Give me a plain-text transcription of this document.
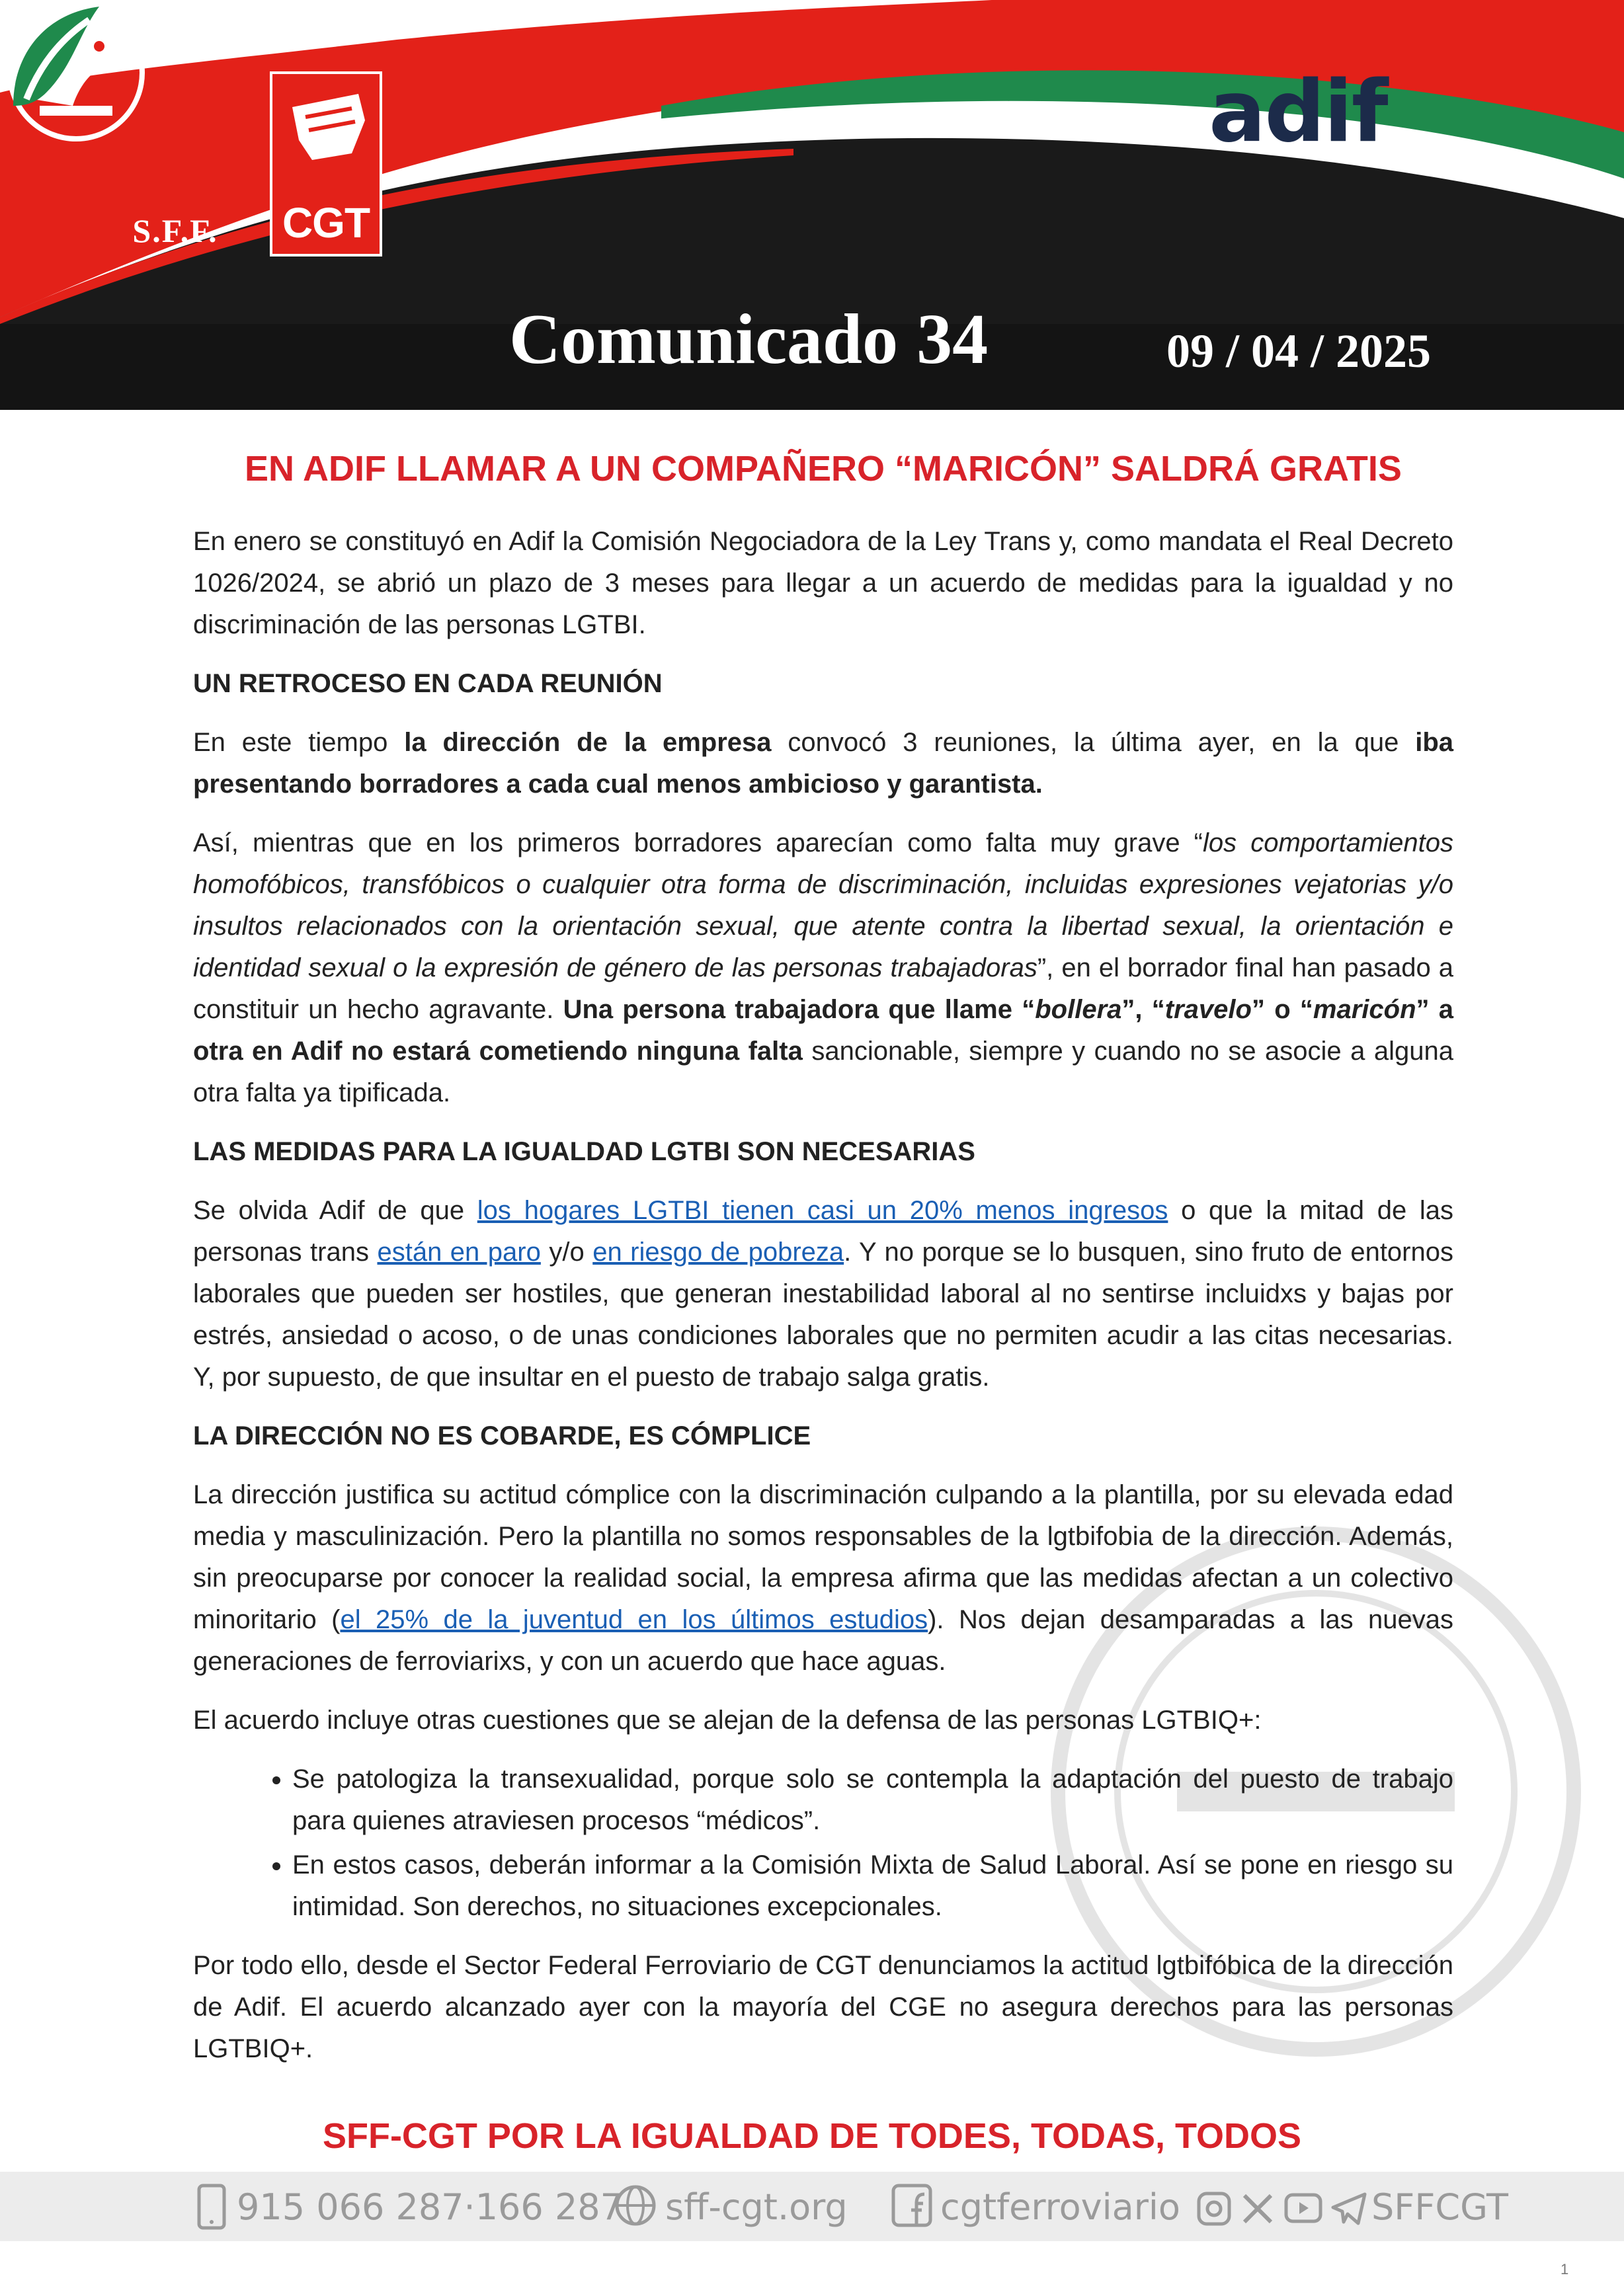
S.F.F.	CGT
adif
Comunicado 34	09 / 04 / 2025
EN ADIF LLAMAR A UN COMPAÑERO “MARICÓN” SALDRÁ GRATIS

En enero se constituyó en Adif la Comisión Negociadora de la Ley Trans y, como mandata el Real Decreto 1026/2024, se abrió un plazo de 3 meses para llegar a un acuerdo de medidas para la igualdad y no discriminación de las personas LGTBI.

UN RETROCESO EN CADA REUNIÓN

En este tiempo la dirección de la empresa convocó 3 reuniones, la última ayer, en la que iba presentando borradores a cada cual menos ambicioso y garantista.

Así, mientras que en los primeros borradores aparecían como falta muy grave “los comportamientos homofóbicos, transfóbicos o cualquier otra forma de discriminación, incluidas expresiones vejatorias y/o insultos relacionados con la orientación sexual, que atente contra la libertad sexual, la orientación e identidad sexual o la expresión de género de las personas trabajadoras”, en el borrador final han pasado a constituir un hecho agravante. Una persona trabajadora que llame “bollera”, “travelo” o “maricón” a otra en Adif no estará cometiendo ninguna falta sancionable, siempre y cuando no se asocie a alguna otra falta ya tipificada.

LAS MEDIDAS PARA LA IGUALDAD LGTBI SON NECESARIAS

Se olvida Adif de que los hogares LGTBI tienen casi un 20% menos ingresos o que la mitad de las personas trans están en paro y/o en riesgo de pobreza. Y no porque se lo busquen, sino fruto de entornos laborales que pueden ser hostiles, que generan inestabilidad laboral al no sentirse incluidxs y bajas por estrés, ansiedad o acoso, o de unas condiciones laborales que no permiten acudir a las citas necesarias. Y, por supuesto, de que insultar en el puesto de trabajo salga gratis.

LA DIRECCIÓN NO ES COBARDE, ES CÓMPLICE

La dirección justifica su actitud cómplice con la discriminación culpando a la plantilla, por su elevada edad media y masculinización. Pero la plantilla no somos responsables de la lgtbifobia de la dirección. Además, sin preocuparse por conocer la realidad social, la empresa afirma que las medidas afectan a un colectivo minoritario (el 25% de la juventud en los últimos estudios). Nos dejan desamparadas a las nuevas generaciones de ferroviarixs, y con un acuerdo que hace aguas.

El acuerdo incluye otras cuestiones que se alejan de la defensa de las personas LGTBIQ+:

• Se patologiza la transexualidad, porque solo se contempla la adaptación del puesto de trabajo para quienes atraviesen procesos “médicos”.
• En estos casos, deberán informar a la Comisión Mixta de Salud Laboral. Así se pone en riesgo su intimidad. Son derechos, no situaciones excepcionales.

Por todo ello, desde el Sector Federal Ferroviario de CGT denunciamos la actitud lgtbifóbica de la dirección de Adif. El acuerdo alcanzado ayer con la mayoría del CGE no asegura derechos para las personas LGTBIQ+.

SFF-CGT POR LA IGUALDAD DE TODES, TODAS, TODOS
915 066 287·166 287 sff-cgt.org	cgtferroviario	SFFCGT
1
